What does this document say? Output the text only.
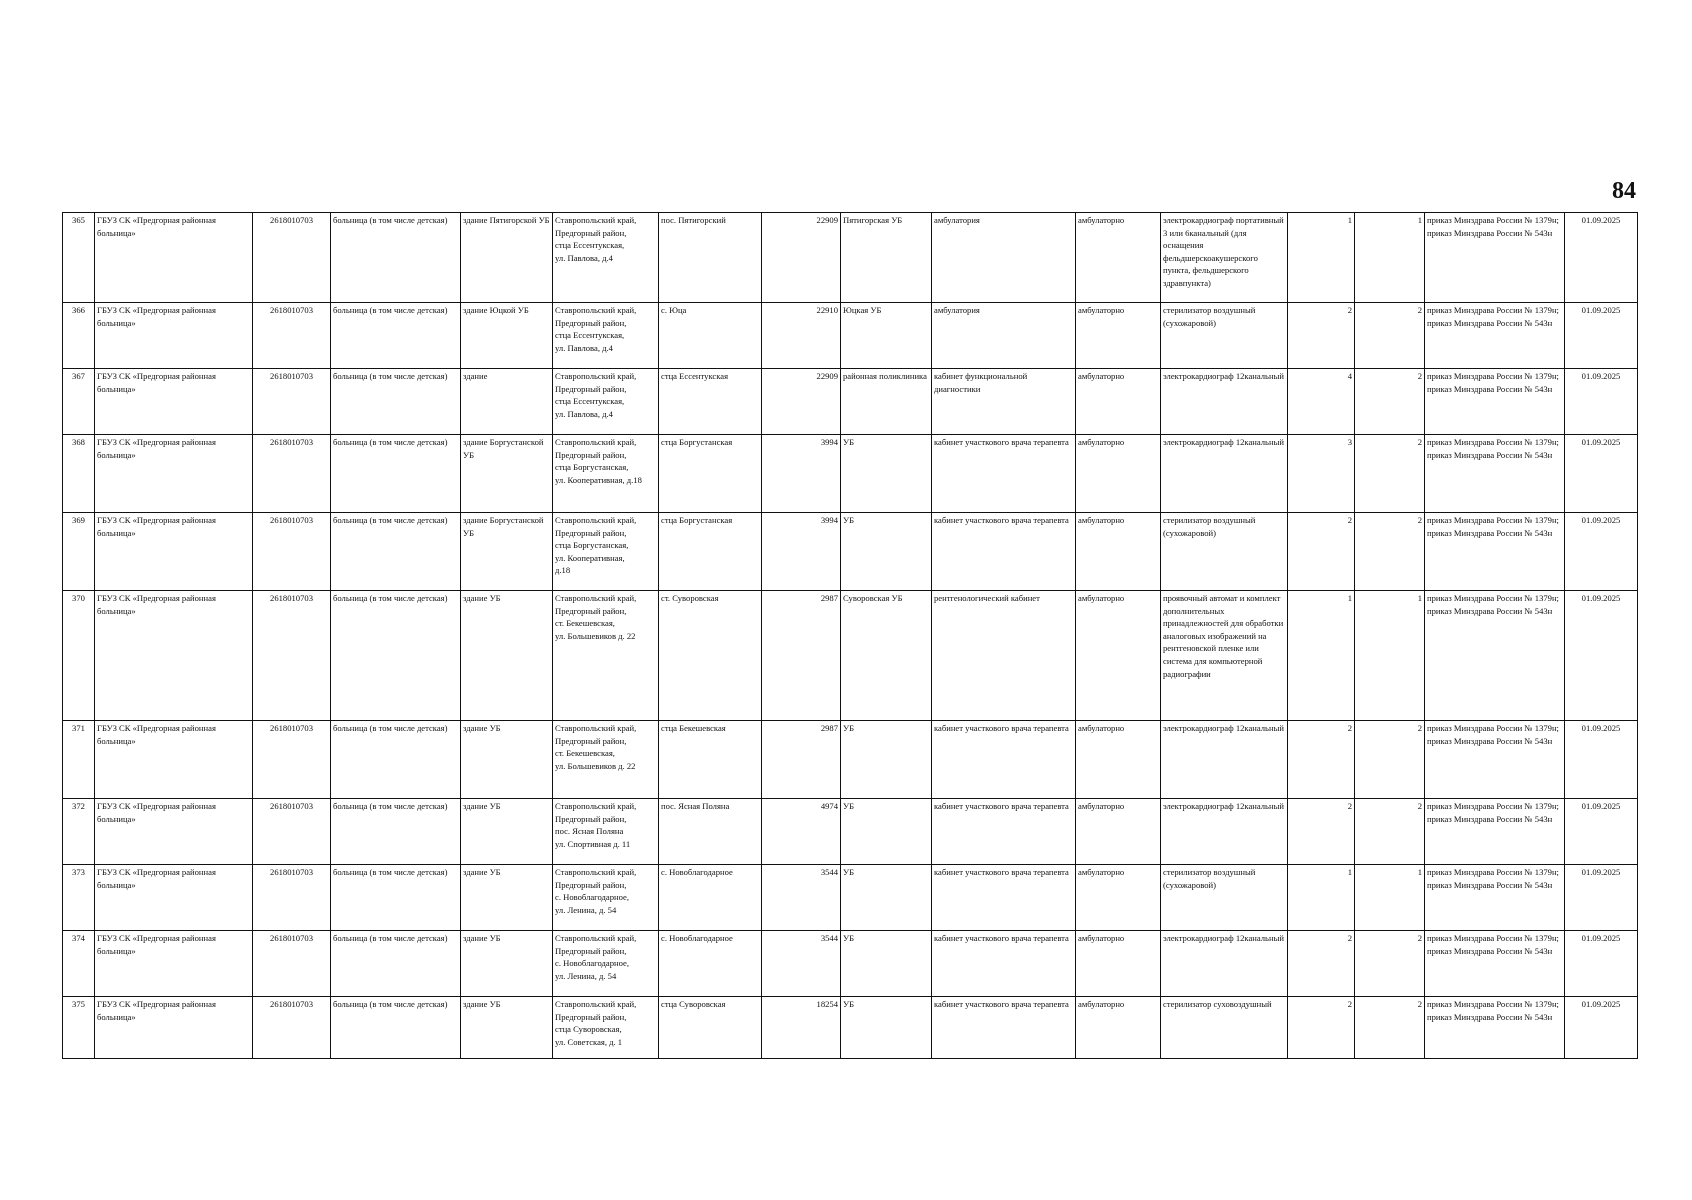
84
365	ГБУЗ СК «Предгорная районная больница»	2618010703	больница (в том числе детская)	здание Пятигорской УБ	Ставропольский край,
Предгорный район,
стца Ессентукская,
ул. Павлова, д.4	пос. Пятигорский	22909	Пятигорская УБ	амбулатория	амбулаторно	электрокардиограф портативный 3 или 6канальный (для оснащения фельдшерскоакушерского пункта, фельдшерского здравпункта)	1	1	приказ Минздрава России № 1379н;
приказ Минздрава России № 543н	01.09.2025
366	ГБУЗ СК «Предгорная районная больница»	2618010703	больница (в том числе детская)	здание Юцкой УБ	Ставропольский край,
Предгорный район,
стца Ессентукская,
ул. Павлова, д.4	с. Юца	22910	Юцкая УБ	амбулатория	амбулаторно	стерилизатор воздушный (сухожаровой)	2	2	приказ Минздрава России № 1379н;
приказ Минздрава России № 543н	01.09.2025
367	ГБУЗ СК «Предгорная районная больница»	2618010703	больница (в том числе детская)	здание	Ставропольский край,
Предгорный район,
стца Ессентукская,
ул. Павлова, д.4	стца Ессентукская	22909	районная поликлиника	кабинет функциональной диагностики	амбулаторно	электрокардиограф 12канальный	4	2	приказ Минздрава России № 1379н;
приказ Минздрава России № 543н	01.09.2025
368	ГБУЗ СК «Предгорная районная больница»	2618010703	больница (в том числе детская)	здание Боргустанской УБ	Ставропольский край,
Предгорный район,
стца Боргустанская,
ул. Кооперативная, д.18	стца Боргустанская	3994	УБ	кабинет участкового врача терапевта	амбулаторно	электрокардиограф 12канальный	3	2	приказ Минздрава России № 1379н;
приказ Минздрава России № 543н	01.09.2025
369	ГБУЗ СК «Предгорная районная больница»	2618010703	больница (в том числе детская)	здание Боргустанской УБ	Ставропольский край,
Предгорный район,
стца Боргустанская,
ул. Кооперативная,
д.18	стца Боргустанская	3994	УБ	кабинет участкового врача терапевта	амбулаторно	стерилизатор воздушный (сухожаровой)	2	2	приказ Минздрава России № 1379н;
приказ Минздрава России № 543н	01.09.2025
370	ГБУЗ СК «Предгорная районная больница»	2618010703	больница (в том числе детская)	здание УБ	Ставропольский край,
Предгорный район,
ст. Бекешевская,
ул. Большевиков д. 22	ст. Суворовская	2987	Суворовская УБ	рентгенологический кабинет	амбулаторно	проявочный автомат и комплект дополнительных принадлежностей для обработки аналоговых изображений на рентгеновской пленке или система для компьютерной радиографии	1	1	приказ Минздрава России № 1379н;
приказ Минздрава России № 543н	01.09.2025
371	ГБУЗ СК «Предгорная районная больница»	2618010703	больница (в том числе детская)	здание УБ	Ставропольский край,
Предгорный район,
ст. Бекешевская,
ул. Большевиков д. 22	стца Бекешевская	2987	УБ	кабинет участкового врача терапевта	амбулаторно	электрокардиограф 12канальный	2	2	приказ Минздрава России № 1379н;
приказ Минздрава России № 543н	01.09.2025
372	ГБУЗ СК «Предгорная районная больница»	2618010703	больница (в том числе детская)	здание УБ	Ставропольский край,
Предгорный район,
пос. Ясная Поляна
ул. Спортивная д. 11	пос. Ясная Поляна	4974	УБ	кабинет участкового врача терапевта	амбулаторно	электрокардиограф 12канальный	2	2	приказ Минздрава России № 1379н;
приказ Минздрава России № 543н	01.09.2025
373	ГБУЗ СК «Предгорная районная больница»	2618010703	больница (в том числе детская)	здание УБ	Ставропольский край,
Предгорный район,
с. Новоблагодарное,
ул. Ленина, д. 54	с. Новоблагодарное	3544	УБ	кабинет участкового врача терапевта	амбулаторно	стерилизатор воздушный (сухожаровой)	1	1	приказ Минздрава России № 1379н;
приказ Минздрава России № 543н	01.09.2025
374	ГБУЗ СК «Предгорная районная больница»	2618010703	больница (в том числе детская)	здание УБ	Ставропольский край,
Предгорный район,
с. Новоблагодарное,
ул. Ленина, д. 54	с. Новоблагодарное	3544	УБ	кабинет участкового врача терапевта	амбулаторно	электрокардиограф 12канальный	2	2	приказ Минздрава России № 1379н;
приказ Минздрава России № 543н	01.09.2025
375	ГБУЗ СК «Предгорная районная больница»	2618010703	больница (в том числе детская)	здание УБ	Ставропольский край,
Предгорный район,
стца Суворовская,
ул. Советская, д. 1	стца Суворовская	18254	УБ	кабинет участкового врача терапевта	амбулаторно	стерилизатор суховоздушный	2	2	приказ Минздрава России № 1379н;
приказ Минздрава России № 543н	01.09.2025
